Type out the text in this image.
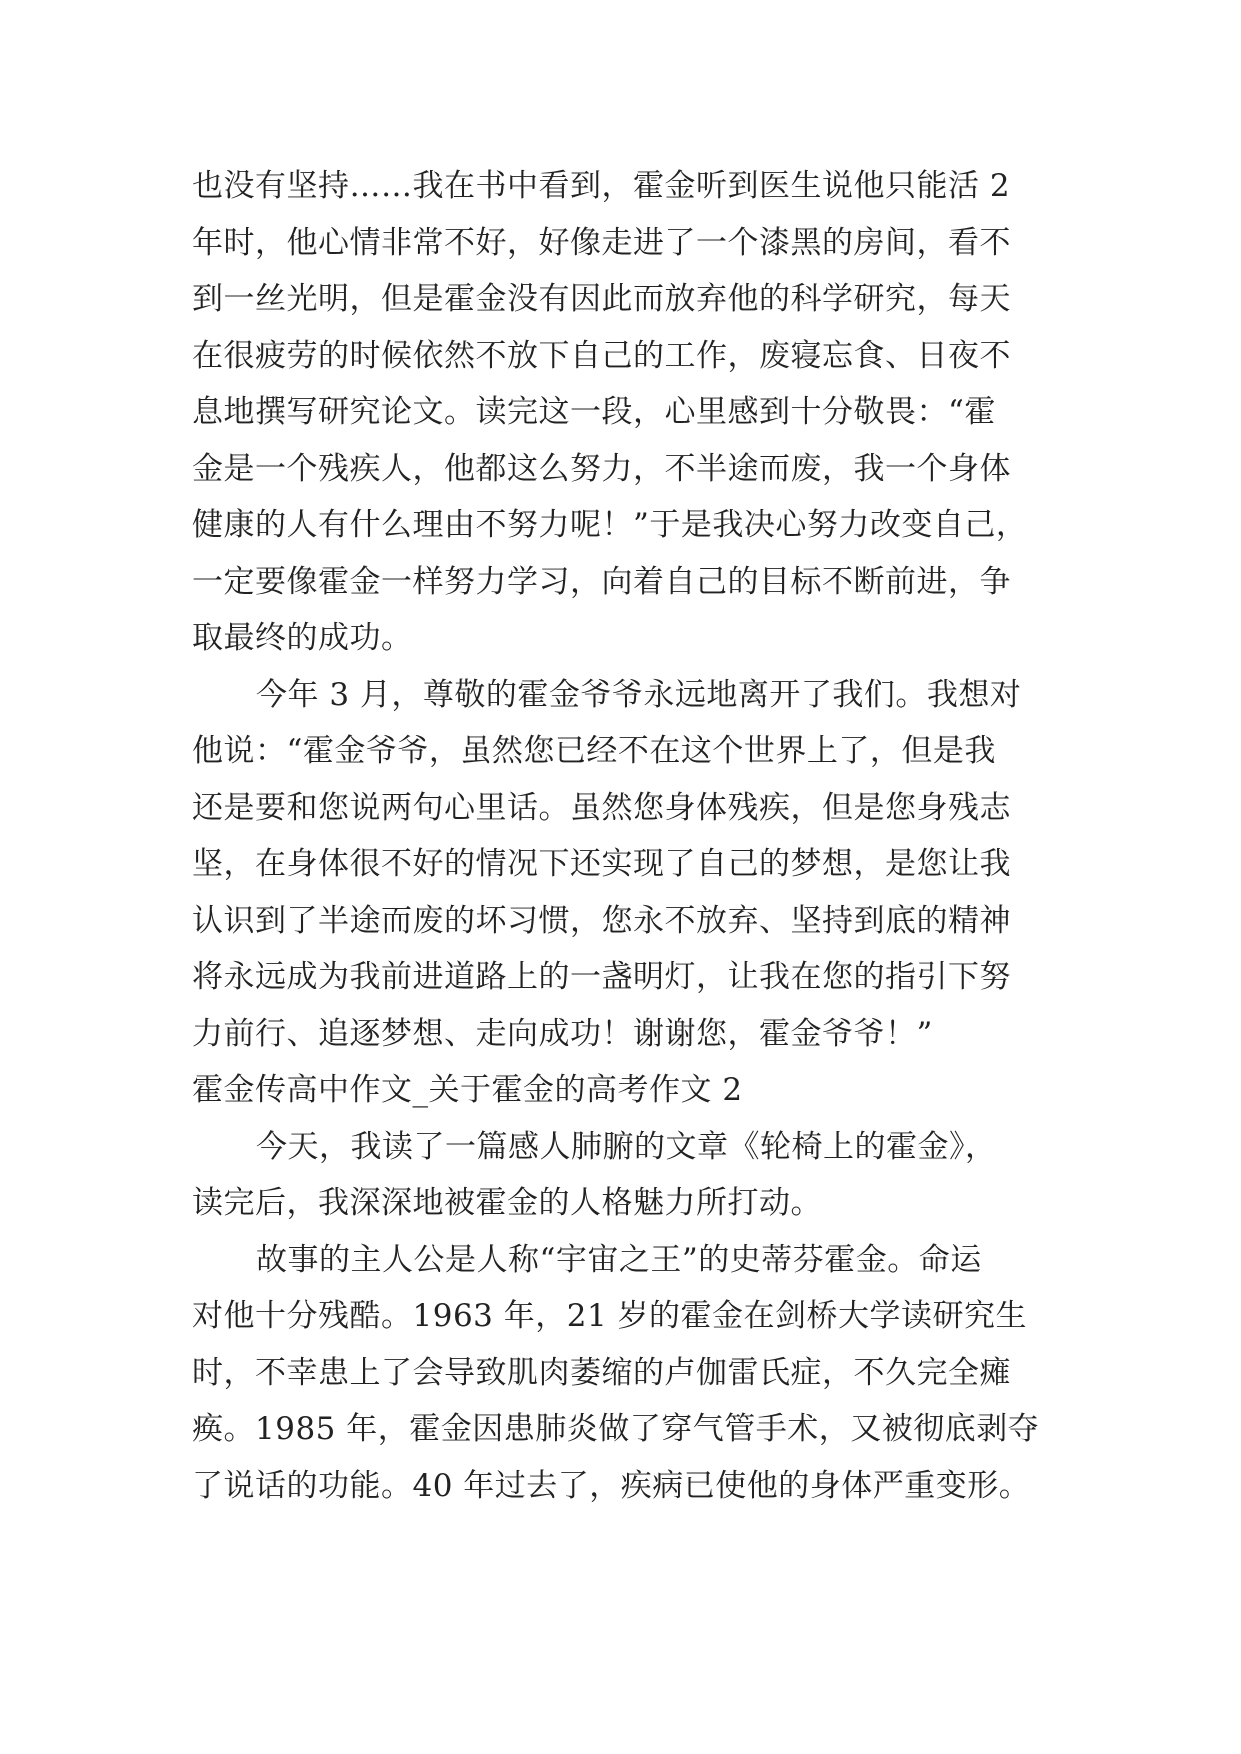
也没有坚持……我在书中看到，霍金听到医生说他只能活 2
年时，他心情非常不好，好像走进了一个漆黑的房间，看不
到一丝光明，但是霍金没有因此而放弃他的科学研究，每天
在很疲劳的时候依然不放下自己的工作，废寝忘食、日夜不
息地撰写研究论文。读完这一段，心里感到十分敬畏：“霍
金是一个残疾人，他都这么努力，不半途而废，我一个身体
健康的人有什么理由不努力呢！”于是我决心努力改变自己，
一定要像霍金一样努力学习，向着自己的目标不断前进，争
取最终的成功。
今年 3 月，尊敬的霍金爷爷永远地离开了我们。我想对
他说：“霍金爷爷，虽然您已经不在这个世界上了，但是我
还是要和您说两句心里话。虽然您身体残疾，但是您身残志
坚，在身体很不好的情况下还实现了自己的梦想，是您让我
认识到了半途而废的坏习惯，您永不放弃、坚持到底的精神
将永远成为我前进道路上的一盏明灯，让我在您的指引下努
力前行、追逐梦想、走向成功！谢谢您，霍金爷爷！”
霍金传高中作文_关于霍金的高考作文 2
今天，我读了一篇感人肺腑的文章《轮椅上的霍金》，
读完后，我深深地被霍金的人格魅力所打动。
故事的主人公是人称“宇宙之王”的史蒂芬霍金。命运
对他十分残酷。1963 年，21 岁的霍金在剑桥大学读研究生
时，不幸患上了会导致肌肉萎缩的卢伽雷氏症，不久完全瘫
痪。1985 年，霍金因患肺炎做了穿气管手术，又被彻底剥夺
了说话的功能。40 年过去了，疾病已使他的身体严重变形。
